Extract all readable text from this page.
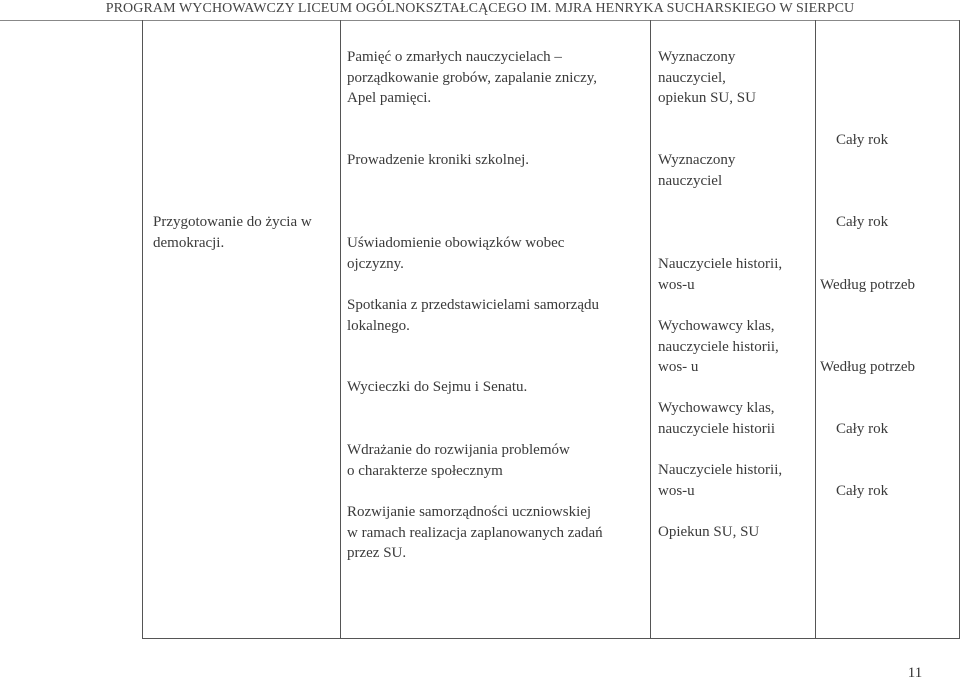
PROGRAM WYCHOWAWCZY LICEUM OGÓLNOKSZTAŁCĄCEGO IM. MJRA HENRYKA SUCHARSKIEGO W SIERPCU
Pamięć o zmarłych nauczycielach –
porządkowanie grobów, zapalanie zniczy,
Apel pamięci.
Wyznaczony
nauczyciel,
opiekun SU, SU
Prowadzenie kroniki szkolnej.	Wyznaczony
nauczyciel
Cały rok
Przygotowanie do życia w
demokracji.	Uświadomienie obowiązków wobec
ojczyzny.
Spotkania z przedstawicielami samorządu
lokalnego.
Wycieczki do Sejmu i Senatu.
Wdrażanie do rozwijania problemów
o charakterze społecznym
Rozwijanie samorządności uczniowskiej
w ramach realizacja zaplanowanych zadań
przez SU.
Nauczyciele historii,
wos-u
Wychowawcy klas,
nauczyciele historii,
wos- u
Wychowawcy klas,
nauczyciele historii
Nauczyciele historii,
wos-u
Opiekun SU, SU
Cały rok
Według potrzeb
Według potrzeb
Cały rok
Cały rok
11
